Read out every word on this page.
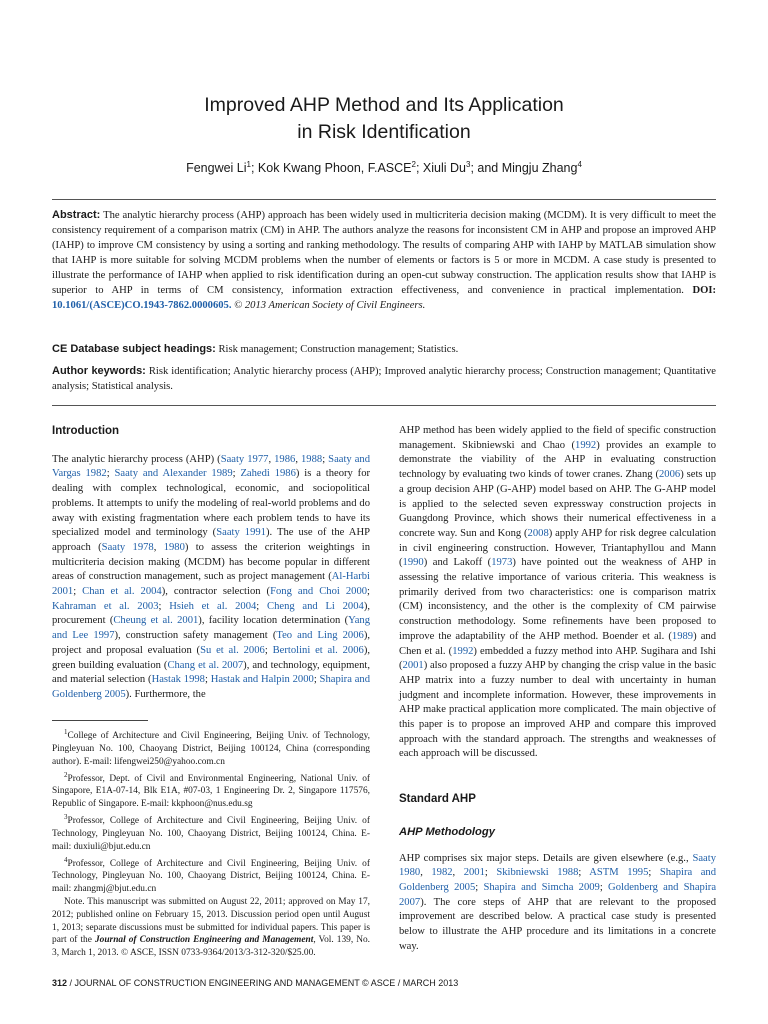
Improved AHP Method and Its Application
in Risk Identification
Fengwei Li$^1$; Kok Kwang Phoon, F.ASCE$^2$; Xiuli Du$^3$; and Mingju Zhang$^4$
Abstract: The analytic hierarchy process (AHP) approach has been widely used in multicriteria decision making (MCDM). It is very difficult to meet the consistency requirement of a comparison matrix (CM) in AHP. The authors analyze the reasons for inconsistent CM in AHP and propose an improved AHP (IAHP) to improve CM consistency by using a sorting and ranking methodology. The results of comparing AHP with IAHP by MATLAB simulation show that IAHP is more suitable for solving MCDM problems when the number of elements or factors is 5 or more in MCDM. A case study is presented to illustrate the performance of IAHP when applied to risk identification during an open-cut subway construction. The application results show that IAHP is superior to AHP in terms of CM consistency, information extraction effectiveness, and convenience in practical implementation. DOI: 10.1061/(ASCE)CO.1943-7862.0000605. © 2013 American Society of Civil Engineers.
CE Database subject headings: Risk management; Construction management; Statistics.
Author keywords: Risk identification; Analytic hierarchy process (AHP); Improved analytic hierarchy process; Construction management; Quantitative analysis; Statistical analysis.
Introduction

The analytic hierarchy process (AHP) (Saaty 1977, 1986, 1988; Saaty and Vargas 1982; Saaty and Alexander 1989; Zahedi 1986) is a theory for dealing with complex technological, economic, and sociopolitical problems. It attempts to unify the modeling of real-world problems and do away with existing fragmentation where each problem tends to have its specialized model and terminology (Saaty 1991). The use of the AHP approach (Saaty 1978, 1980) to assess the criterion weightings in multicriteria decision making (MCDM) has become popular in different areas of construction management, such as project management (Al-Harbi 2001; Chan et al. 2004), contractor selection (Fong and Choi 2000; Kahraman et al. 2003; Hsieh et al. 2004; Cheng and Li 2004), procurement (Cheung et al. 2001), facility location determination (Yang and Lee 1997), construction safety management (Teo and Ling 2006), project and proposal evaluation (Su et al. 2006; Bertolini et al. 2006), green building evaluation (Chang et al. 2007), and technology, equipment, and material selection (Hastak 1998; Hastak and Halpin 2000; Shapira and Goldenberg 2005). Furthermore, the

$^1$College of Architecture and Civil Engineering, Beijing Univ. of Technology, Pingleyuan No. 100, Chaoyang District, Beijing 100124, China (corresponding author). E-mail: lifengwei250@yahoo.com.cn

$^2$Professor, Dept. of Civil and Environmental Engineering, National Univ. of Singapore, E1A-07-14, Blk E1A, #07-03, 1 Engineering Dr. 2, Singapore 117576, Republic of Singapore. E-mail: kkphoon@nus.edu.sg

$^3$Professor, College of Architecture and Civil Engineering, Beijing Univ. of Technology, Pingleyuan No. 100, Chaoyang District, Beijing 100124, China. E-mail: duxiuli@bjut.edu.cn

$^4$Professor, College of Architecture and Civil Engineering, Beijing Univ. of Technology, Pingleyuan No. 100, Chaoyang District, Beijing 100124, China. E-mail: zhangmj@bjut.edu.cn

Note. This manuscript was submitted on August 22, 2011; approved on May 17, 2012; published online on February 15, 2013. Discussion period open until August 1, 2013; separate discussions must be submitted for individual papers. This paper is part of the Journal of Construction Engineering and Management, Vol. 139, No. 3, March 1, 2013. © ASCE, ISSN 0733-9364/2013/3-312-320/$25.00.

AHP method has been widely applied to the field of specific construction management. Skibniewski and Chao (1992) provides an example to demonstrate the viability of the AHP in evaluating construction technology by evaluating two kinds of tower cranes. Zhang (2006) sets up a group decision AHP (G-AHP) model based on AHP. The G-AHP model is applied to the selected seven expressway construction projects in Guangdong Province, which shows their numerical effectiveness in a concrete way. Sun and Kong (2008) apply AHP for risk degree calculation in civil engineering construction. However, Triantaphyllou and Mann (1990) and Lakoff (1973) have pointed out the weakness of AHP in assessing the relative importance of various criteria. This weakness is primarily derived from two characteristics: one is comparison matrix (CM) inconsistency, and the other is the complexity of CM pairwise construction methodology. Some refinements have been proposed to improve the adaptability of the AHP method. Boender et al. (1989) and Chen et al. (1992) embedded a fuzzy method into AHP. Sugihara and Ishi (2001) also proposed a fuzzy AHP by changing the crisp value in the basic AHP matrix into a fuzzy number to deal with uncertainty in human judgment and incomplete information. However, these improvements in AHP make practical application more complicated. The main objective of this paper is to propose an improved AHP and compare this improved approach with the standard approach. The strengths and weaknesses of each approach will be discussed.

Standard AHP
AHP Methodology

AHP comprises six major steps. Details are given elsewhere (e.g., Saaty 1980, 1982, 2001; Skibniewski 1988; ASTM 1995; Shapira and Goldenberg 2005; Shapira and Simcha 2009; Goldenberg and Shapira 2007). The core steps of AHP that are relevant to the proposed improvement are described below. A practical case study is presented below to illustrate the AHP procedure and its limitations in a concrete way.

312 / JOURNAL OF CONSTRUCTION ENGINEERING AND MANAGEMENT © ASCE / MARCH 2013
